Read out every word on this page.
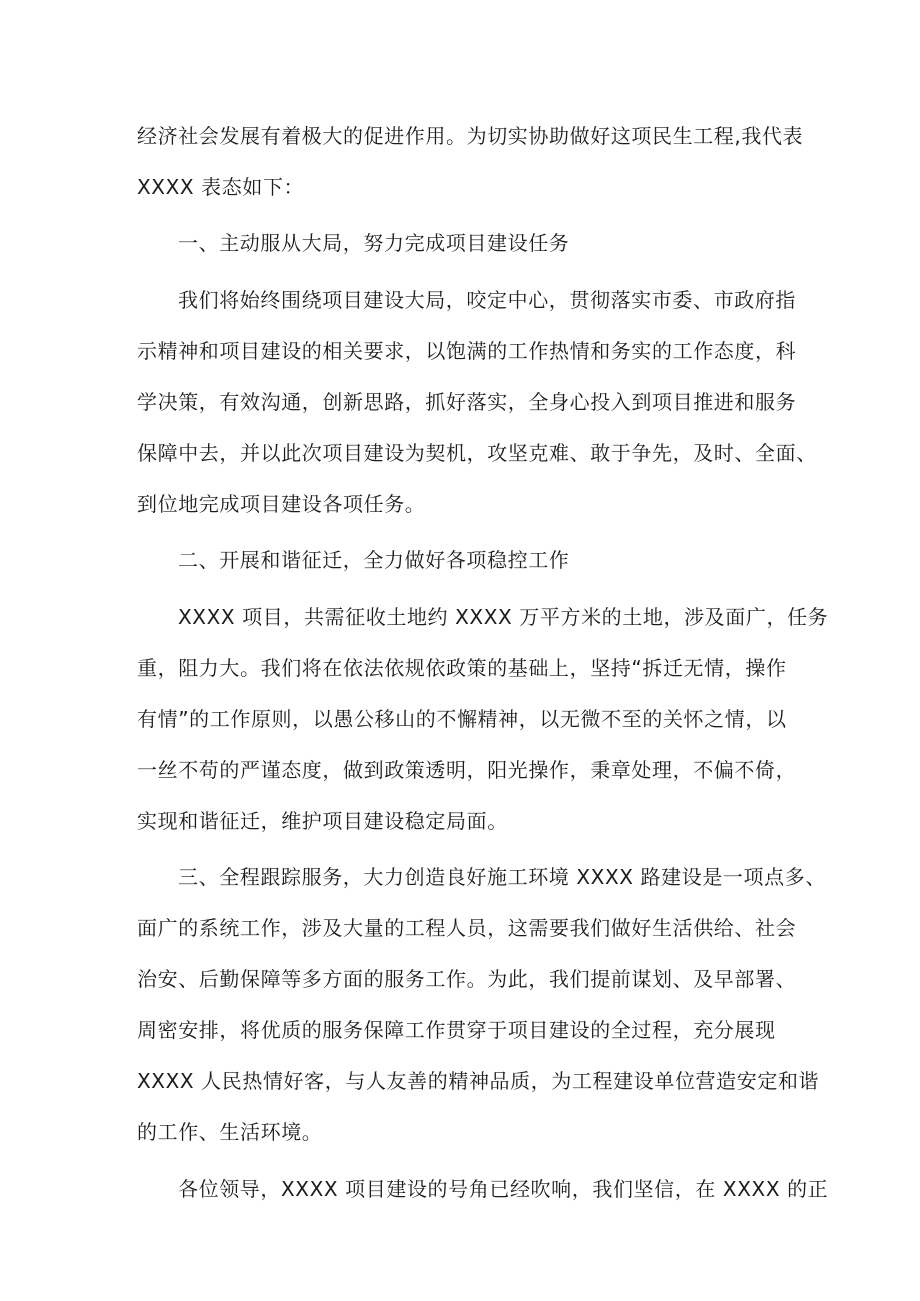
经济社会发展有着极大的促进作用。为切实协助做好这项民生工程,我代表
XXXX 表态如下：
一、主动服从大局，努力完成项目建设任务
我们将始终围绕项目建设大局，咬定中心，贯彻落实市委、市政府指
示精神和项目建设的相关要求，以饱满的工作热情和务实的工作态度，科
学决策，有效沟通，创新思路，抓好落实，全身心投入到项目推进和服务
保障中去，并以此次项目建设为契机，攻坚克难、敢于争先，及时、全面、
到位地完成项目建设各项任务。
二、开展和谐征迁，全力做好各项稳控工作
XXXX 项目，共需征收土地约 XXXX 万平方米的土地，涉及面广，任务
重，阻力大。我们将在依法依规依政策的基础上，坚持“拆迁无情，操作
有情”的工作原则，以愚公移山的不懈精神，以无微不至的关怀之情，以
一丝不苟的严谨态度，做到政策透明，阳光操作，秉章处理，不偏不倚，
实现和谐征迁，维护项目建设稳定局面。
三、全程跟踪服务，大力创造良好施工环境 XXXX 路建设是一项点多、
面广的系统工作，涉及大量的工程人员，这需要我们做好生活供给、社会
治安、后勤保障等多方面的服务工作。为此，我们提前谋划、及早部署、
周密安排，将优质的服务保障工作贯穿于项目建设的全过程，充分展现
XXXX 人民热情好客，与人友善的精神品质，为工程建设单位营造安定和谐
的工作、生活环境。
各位领导，XXXX 项目建设的号角已经吹响，我们坚信，在 XXXX 的正
